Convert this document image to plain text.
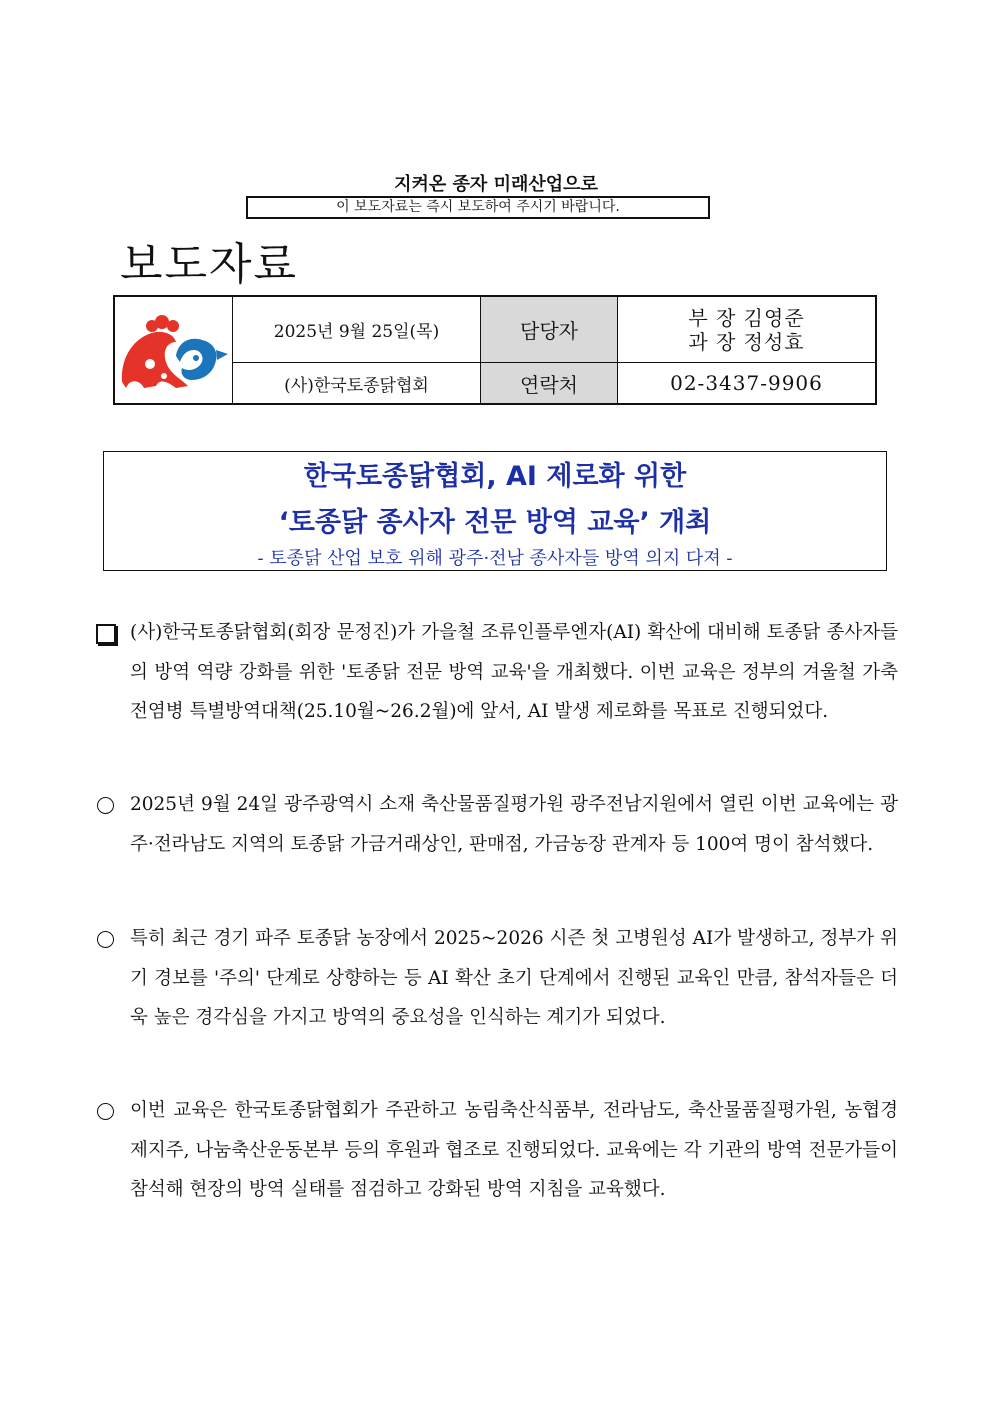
지켜온 종자 미래산업으로
이 보도자료는 즉시 보도하여 주시기 바랍니다.
보도자료
	2025년 9월 25일(목)	담당자	부 장 김영준
과 장 정성효

	(사)한국토종닭협회	연락처	02-3437-9906
한국토종닭협회, AI 제로화 위한
‘토종닭 종사자 전문 방역 교육’ 개최
- 토종닭 산업 보호 위해 광주·전남 종사자들 방역 의지 다져 -
(사)한국토종닭협회(회장 문정진)가 가을철 조류인플루엔자(AI) 확산에 대비해 토종닭 종사자들의 방역 역량 강화를 위한 '토종닭 전문 방역 교육'을 개최했다. 이번 교육은 정부의 겨울철 가축전염병 특별방역대책(25.10월~26.2월)에 앞서, AI 발생 제로화를 목표로 진행되었다.
2025년 9월 24일 광주광역시 소재 축산물품질평가원 광주전남지원에서 열린 이번 교육에는 광주·전라남도 지역의 토종닭 가금거래상인, 판매점, 가금농장 관계자 등 100여 명이 참석했다.
특히 최근 경기 파주 토종닭 농장에서 2025~2026 시즌 첫 고병원성 AI가 발생하고, 정부가 위기 경보를 '주의' 단계로 상향하는 등 AI 확산 초기 단계에서 진행된 교육인 만큼, 참석자들은 더욱 높은 경각심을 가지고 방역의 중요성을 인식하는 계기가 되었다.
이번 교육은 한국토종닭협회가 주관하고 농림축산식품부, 전라남도, 축산물품질평가원, 농협경제지주, 나눔축산운동본부 등의 후원과 협조로 진행되었다. 교육에는 각 기관의 방역 전문가들이 참석해 현장의 방역 실태를 점검하고 강화된 방역 지침을 교육했다.
